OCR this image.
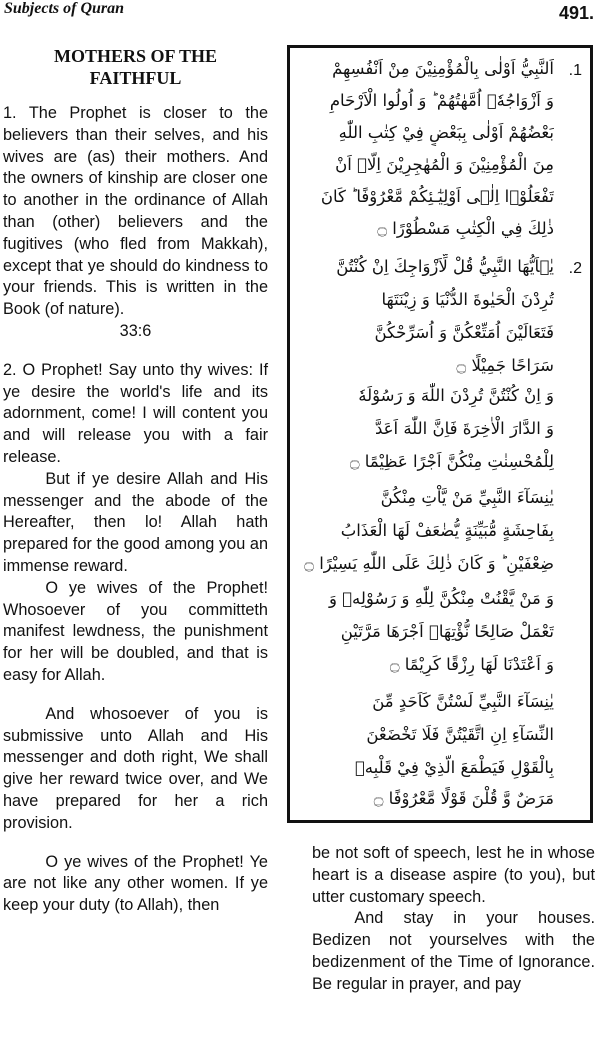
Subjects of Quran	491.
MOTHERS OF THE
FAITHFUL

1. The Prophet is closer to the believers than their selves, and his wives are (as) their mothers. And the owners of kinship are closer one to another in the ordinance of Allah than (other) believers and the fugitives (who fled from Makkah), except that ye should do kindness to your friends. This is written in the Book (of nature).

33:6

2. O Prophet! Say unto thy wives: If ye desire the world's life and its adornment, come! I will content you and will release you with a fair release.

But if ye desire Allah and His messenger and the abode of the Hereafter, then lo! Allah hath prepared for the good among you an immense reward.

O ye wives of the Prophet! Whosoever of you committeth manifest lewdness, the punishment for her will be doubled, and that is easy for Allah.

And whosoever of you is submissive unto Allah and His messenger and doth right, We shall give her reward twice over, and We have prepared for her a rich provision.

O ye wives of the Prophet! Ye are not like any other women. If ye keep your duty (to Allah), then

.1
.2
اَلنَّبِيُّ اَوْلٰى بِالْمُؤْمِنِيْنَ مِنْ اَنْفُسِهِمْ
وَ اَزْوَاجُهٗۤ اُمَّهٰتُهُمْ ؕ وَ اُولُوا الْاَرْحَامِ
بَعْضُهُمْ اَوْلٰى بِبَعْضٍ فِيْ كِتٰبِ اللّٰهِ
مِنَ الْمُؤْمِنِيْنَ وَ الْمُهٰجِرِيْنَ اِلَّاۤ اَنْ
تَفْعَلُوْۤا اِلٰۤى اَوْلِيٰٓـئِكُمْ مَّعْرُوْفًا ؕ كَانَ
ذٰلِكَ فِي الْكِتٰبِ مَسْطُوْرًا ۝
يٰۤاَيُّهَا النَّبِيُّ قُلْ لِّاَزْوَاجِكَ اِنْ كُنْتُنَّ
تُرِدْنَ الْحَيٰوةَ الدُّنْيَا وَ زِيْنَتَهَا
فَتَعَالَيْنَ اُمَتِّعْكُنَّ وَ اُسَرِّحْكُنَّ
سَرَاحًا جَمِيْلًا ۝
وَ اِنْ كُنْتُنَّ تُرِدْنَ اللّٰهَ وَ رَسُوْلَهٗ
وَ الدَّارَ الْاٰخِرَةَ فَاِنَّ اللّٰهَ اَعَدَّ
لِلْمُحْسِنٰتِ مِنْكُنَّ اَجْرًا عَظِيْمًا ۝
يٰنِسَآءَ النَّبِيِّ مَنْ يَّاْتِ مِنْكُنَّ
بِفَاحِشَةٍ مُّبَيِّنَةٍ يُّضٰعَفْ لَهَا الْعَذَابُ
ضِعْفَيْنِ ؕ وَ كَانَ ذٰلِكَ عَلَى اللّٰهِ يَسِيْرًا ۝
وَ مَنْ يَّقْنُتْ مِنْكُنَّ لِلّٰهِ وَ رَسُوْلِهٖ وَ
تَعْمَلْ صَالِحًا نُّؤْتِهَاۤ اَجْرَهَا مَرَّتَيْنِ
وَ اَعْتَدْنَا لَهَا رِزْقًا كَرِيْمًا ۝
يٰنِسَآءَ النَّبِيِّ لَسْتُنَّ كَاَحَدٍ مِّنَ
النِّسَآءِ اِنِ اتَّقَيْتُنَّ فَلَا تَخْضَعْنَ
بِالْقَوْلِ فَيَطْمَعَ الَّذِيْ فِيْ قَلْبِهٖ
مَرَضٌ وَّ قُلْنَ قَوْلًا مَّعْرُوْفًا ۝

be not soft of speech, lest he in whose heart is a disease aspire (to you), but utter customary speech.

And stay in your houses. Bedizen not yourselves with the bedizenment of the Time of Ignorance. Be regular in prayer, and pay
